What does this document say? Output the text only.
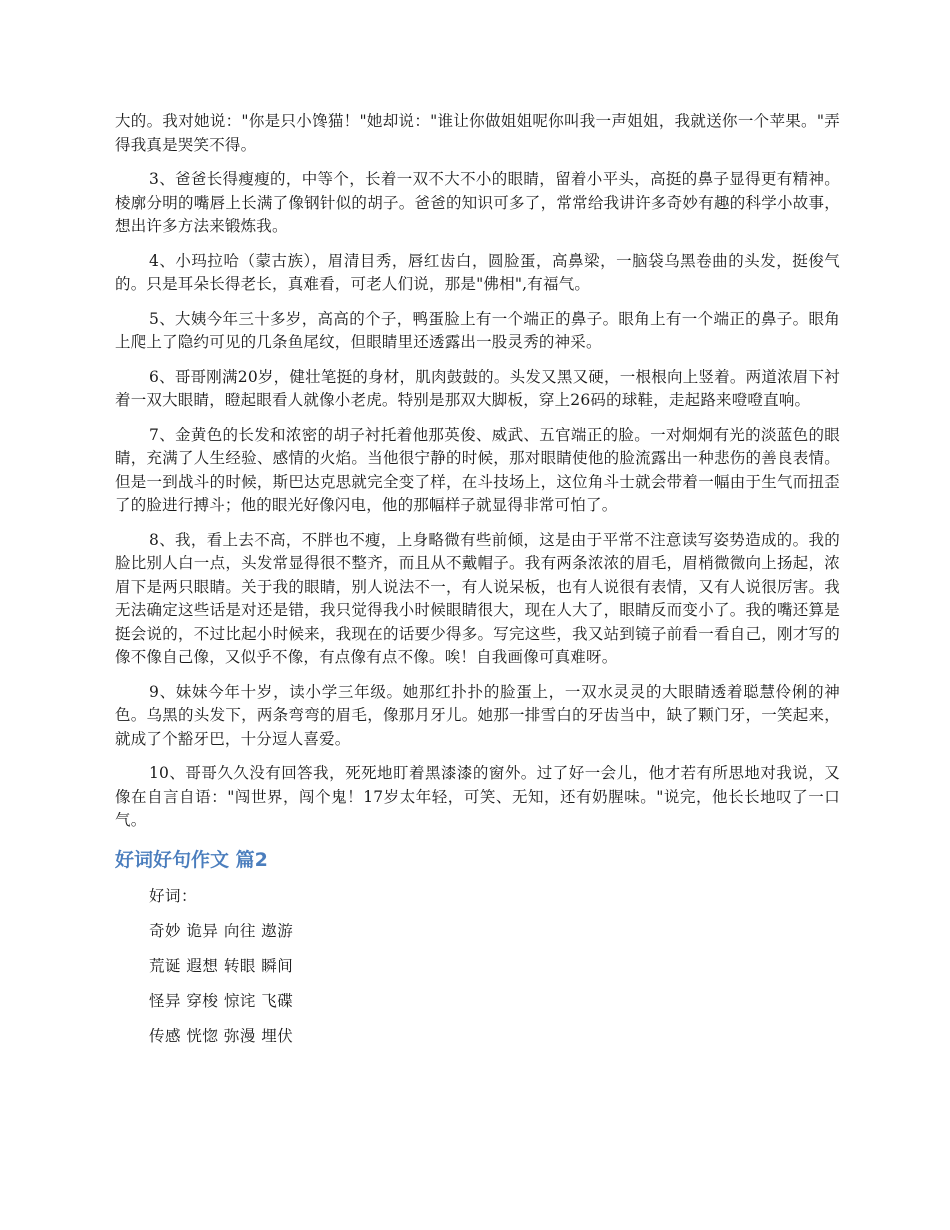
大的。我对她说："你是只小馋猫！"她却说："谁让你做姐姐呢你叫我一声姐姐，我就送你一个苹果。"弄得我真是哭笑不得。

3、爸爸长得瘦瘦的，中等个，长着一双不大不小的眼睛，留着小平头，高挺的鼻子显得更有精神。棱廓分明的嘴唇上长满了像钢针似的胡子。爸爸的知识可多了，常常给我讲许多奇妙有趣的科学小故事，想出许多方法来锻炼我。

4、小玛拉哈（蒙古族），眉清目秀，唇红齿白，圆脸蛋，高鼻梁，一脑袋乌黑卷曲的头发，挺俊气的。只是耳朵长得老长，真难看，可老人们说，那是"佛相",有福气。

5、大姨今年三十多岁，高高的个子，鸭蛋脸上有一个端正的鼻子。眼角上有一个端正的鼻子。眼角上爬上了隐约可见的几条鱼尾纹，但眼睛里还透露出一股灵秀的神采。

6、哥哥刚满20岁，健壮笔挺的身材，肌肉鼓鼓的。头发又黑又硬，一根根向上竖着。两道浓眉下衬着一双大眼睛，瞪起眼看人就像小老虎。特别是那双大脚板，穿上26码的球鞋，走起路来噔噔直响。

7、金黄色的长发和浓密的胡子衬托着他那英俊、威武、五官端正的脸。一对炯炯有光的淡蓝色的眼睛，充满了人生经验、感情的火焰。当他很宁静的时候，那对眼睛使他的脸流露出一种悲伤的善良表情。但是一到战斗的时候，斯巴达克思就完全变了样，在斗技场上，这位角斗士就会带着一幅由于生气而扭歪了的脸进行搏斗；他的眼光好像闪电，他的那幅样子就显得非常可怕了。

8、我，看上去不高，不胖也不瘦，上身略微有些前倾，这是由于平常不注意读写姿势造成的。我的脸比别人白一点，头发常显得很不整齐，而且从不戴帽子。我有两条浓浓的眉毛，眉梢微微向上扬起，浓眉下是两只眼睛。关于我的眼睛，别人说法不一，有人说呆板，也有人说很有表情，又有人说很厉害。我无法确定这些话是对还是错，我只觉得我小时候眼睛很大，现在人大了，眼睛反而变小了。我的嘴还算是挺会说的，不过比起小时候来，我现在的话要少得多。写完这些，我又站到镜子前看一看自己，刚才写的像不像自己像，又似乎不像，有点像有点不像。唉！自我画像可真难呀。

9、妹妹今年十岁，读小学三年级。她那红扑扑的脸蛋上，一双水灵灵的大眼睛透着聪慧伶俐的神色。乌黑的头发下，两条弯弯的眉毛，像那月牙儿。她那一排雪白的牙齿当中，缺了颗门牙，一笑起来，就成了个豁牙巴，十分逗人喜爱。

10、哥哥久久没有回答我，死死地盯着黑漆漆的窗外。过了好一会儿，他才若有所思地对我说，又像在自言自语："闯世界，闯个鬼！17岁太年轻，可笑、无知，还有奶腥味。"说完，他长长地叹了一口气。

好词好句作文 篇2
好词：
奇妙 诡异 向往 遨游
荒诞 遐想 转眼 瞬间
怪异 穿梭 惊诧 飞碟
传感 恍惚 弥漫 埋伏
